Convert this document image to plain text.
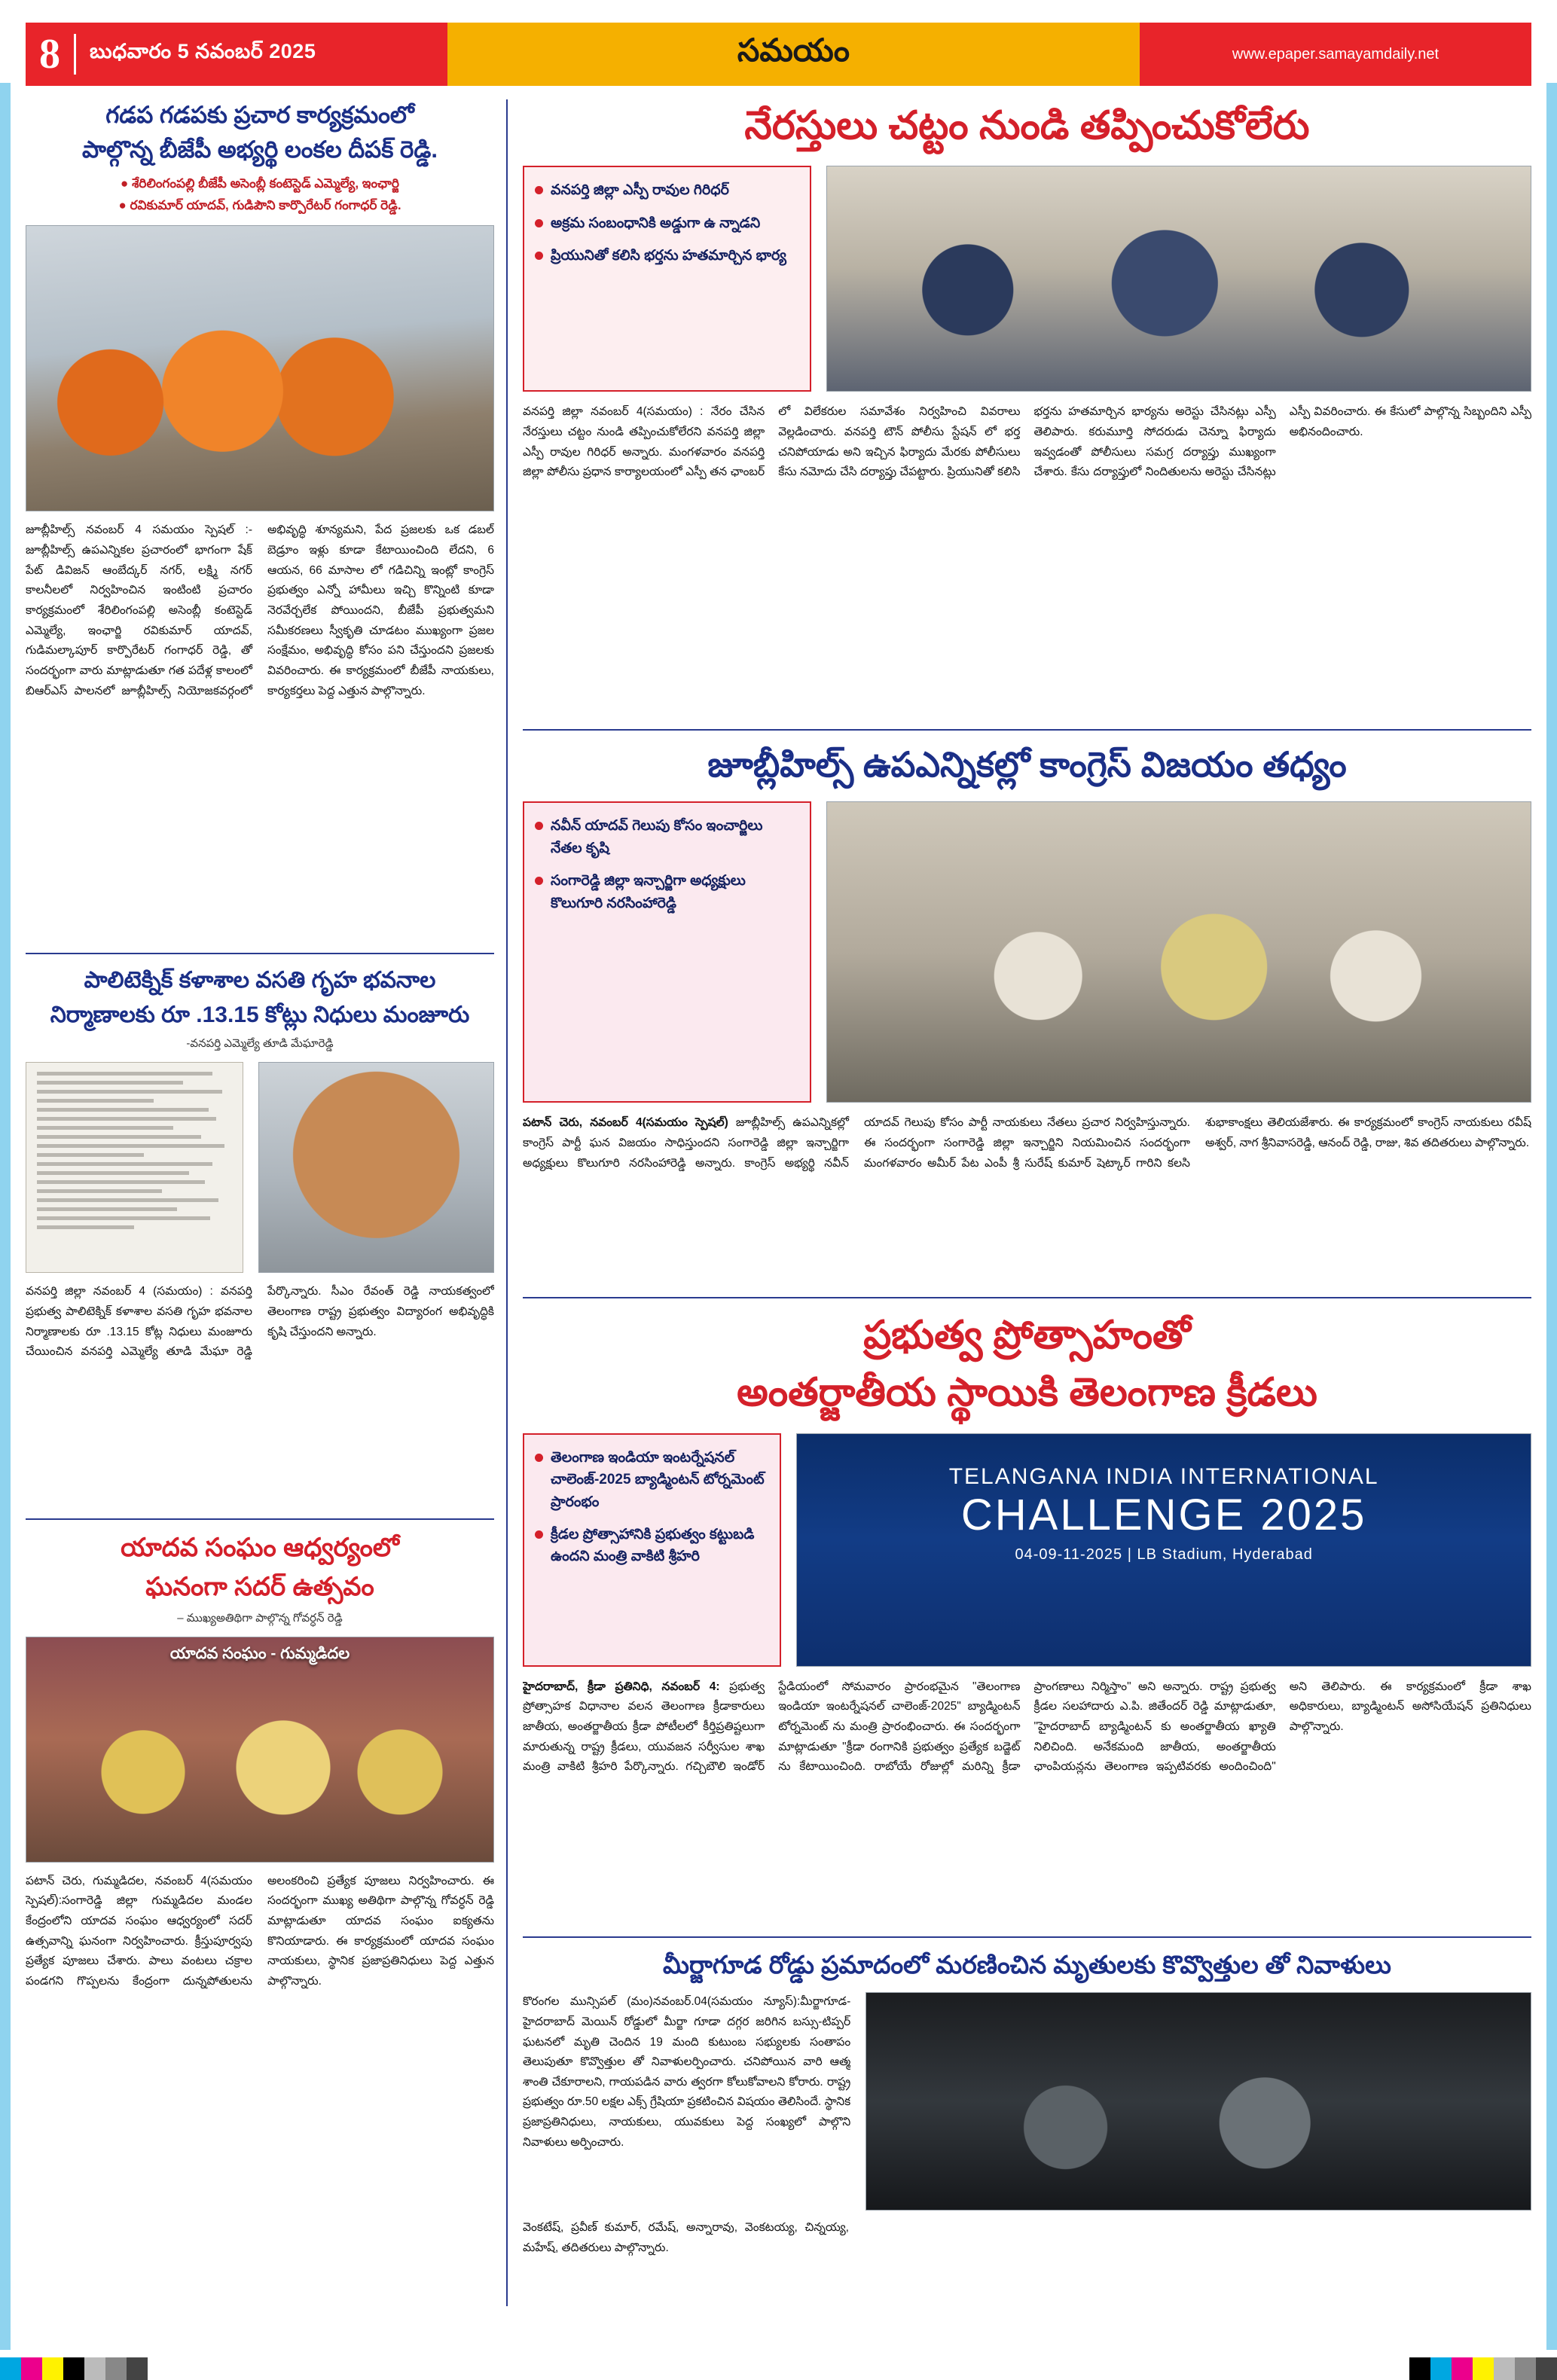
8	బుధవారం 5 నవంబర్ 2025	సమయం	www.epaper.samayamdaily.net
గడప గడపకు ప్రచార కార్యక్రమంలో
పాల్గొన్న బీజేపీ అభ్యర్థి లంకల దీపక్ రెడ్డి.
● శేరిలింగంపల్లి బీజేపీ అసెంబ్లీ కంటెస్టెడ్ ఎమ్మెల్యే, ఇంఛార్జి
● రవికుమార్ యాదవ్, గుడిపౌని కార్పొరేటర్ గంగాధర్ రెడ్డి.
జూబ్లీహిల్స్ నవంబర్ 4 సమయం స్పెషల్ :- జూబ్లీహిల్స్ ఉపఎన్నికల ప్రచారంలో భాగంగా షేక్ పేట్ డివిజన్ ఆంబేద్కర్ నగర్, లక్ష్మి నగర్ కాలనీలలో నిర్వహించిన ఇంటింటి ప్రచారం కార్యక్రమంలో శేరిలింగంపల్లి అసెంబ్లీ కంటెస్టెడ్ ఎమ్మెల్యే, ఇంఛార్జి రవికుమార్ యాదవ్, గుడిమల్కాపూర్ కార్పొరేటర్ గంగాధర్ రెడ్డి, తో సందర్భంగా వారు మాట్లాడుతూ గత పదేళ్ల కాలంలో బిఆర్ఎస్ పాలనలో జూబ్లీహిల్స్ నియోజకవర్గంలో అభివృద్ధి శూన్యమని, పేద ప్రజలకు ఒక డబల్ బెడ్రూం ఇళ్లు కూడా కేటాయించింది లేదని, 6 ఆయన, 66 మాసాల లో గడిచిన్ని ఇంట్లో కాంగ్రెస్ ప్రభుత్వం ఎన్నో హామీలు ఇచ్చి కొన్నింటి కూడా నెరవేర్చలేక పోయిందని, బీజేపీ ప్రభుత్వమని సమీకరణలు స్వీకృతి చూడటం ముఖ్యంగా ప్రజల సంక్షేమం, అభివృద్ధి కోసం పని చేస్తుందని ప్రజలకు వివరించారు. ఈ కార్యక్రమంలో బీజేపీ నాయకులు, కార్యకర్తలు పెద్ద ఎత్తున పాల్గొన్నారు.
పాలిటెక్నిక్ కళాశాల వసతి గృహ భవనాల
నిర్మాణాలకు రూ .13.15 కోట్లు నిధులు మంజూరు
-వనపర్తి ఎమ్మెల్యే తూడి మేఘారెడ్డి
వనపర్తి జిల్లా నవంబర్ 4 (సమయం) : వనపర్తి ప్రభుత్వ పాలిటెక్నిక్ కళాశాల వసతి గృహ భవనాల నిర్మాణాలకు రూ .13.15 కోట్ల నిధులు మంజూరు చేయించిన వనపర్తి ఎమ్మెల్యే తూడి మేఘా రెడ్డి పేర్కొన్నారు. సీఎం రేవంత్ రెడ్డి నాయకత్వంలో తెలంగాణ రాష్ట్ర ప్రభుత్వం విద్యారంగ అభివృద్ధికి కృషి చేస్తుందని అన్నారు.
యాదవ సంఘం ఆధ్వర్యంలో
ఘనంగా సదర్ ఉత్సవం
– ముఖ్యఅతిథిగా పాల్గొన్న గోవర్ధన్ రెడ్డి
యాదవ సంఘం - గుమ్మడిదల
పటాన్ చెరు, గుమ్మడిదల, నవంబర్ 4(సమయం స్పెషల్):సంగారెడ్డి జిల్లా గుమ్మడిదల మండల కేంద్రంలోని యాదవ సంఘం ఆధ్వర్యంలో సదర్ ఉత్సవాన్ని ఘనంగా నిర్వహించారు. క్రీస్తుపూర్వపు ప్రత్యేక పూజలు చేశారు. పాలు వంటలు చక్రాల పండగని గొప్పలను కేంద్రంగా దున్నపోతులను అలంకరించి ప్రత్యేక పూజలు నిర్వహించారు. ఈ సందర్భంగా ముఖ్య అతిథిగా పాల్గొన్న గోవర్ధన్ రెడ్డి మాట్లాడుతూ యాదవ సంఘం ఐక్యతను కొనియాడారు. ఈ కార్యక్రమంలో యాదవ సంఘం నాయకులు, స్థానిక ప్రజాప్రతినిధులు పెద్ద ఎత్తున పాల్గొన్నారు.
నేరస్తులు చట్టం నుండి తప్పించుకోలేరు
వనపర్తి జిల్లా ఎస్పీ రావుల గిరిధర్
అక్రమ సంబంధానికి అడ్డుగా ఉ న్నాడని
ప్రియునితో కలిసి భర్తను హతమార్చిన భార్య
వనపర్తి జిల్లా నవంబర్ 4(సమయం) : నేరం చేసిన నేరస్తులు చట్టం నుండి తప్పించుకోలేరని వనపర్తి జిల్లా ఎస్పీ రావుల గిరిధర్ అన్నారు. మంగళవారం వనపర్తి జిల్లా పోలీసు ప్రధాన కార్యాలయంలో ఎస్పీ తన ఛాంబర్ లో విలేకరుల సమావేశం నిర్వహించి వివరాలు వెల్లడించారు. వనపర్తి టౌన్ పోలీసు స్టేషన్ లో భర్త చనిపోయాడు అని ఇచ్చిన ఫిర్యాదు మేరకు పోలీసులు కేసు నమోదు చేసి దర్యాప్తు చేపట్టారు. ప్రియునితో కలిసి భర్తను హతమార్చిన భార్యను అరెస్టు చేసినట్లు ఎస్పీ తెలిపారు. కరుమూర్తి సోదరుడు చెన్నూ ఫిర్యాదు ఇవ్వడంతో పోలీసులు సమగ్ర దర్యాప్తు ముఖ్యంగా చేశారు. కేసు దర్యాప్తులో నిందితులను అరెస్టు చేసినట్లు ఎస్పీ వివరించారు. ఈ కేసులో పాల్గొన్న సిబ్బందిని ఎస్పీ అభినందించారు.
జూబ్లీహిల్స్ ఉపఎన్నికల్లో కాంగ్రెస్ విజయం తధ్యం
నవీన్ యాదవ్ గెలుపు కోసం ఇంచార్జిలు నేతల కృషి
సంగారెడ్డి జిల్లా ఇన్చార్జిగా అధ్యక్షులు కొలుగూరి నరసింహారెడ్డి
పటాన్ చెరు, నవంబర్ 4(సమయం స్పెషల్) జూబ్లీహిల్స్ ఉపఎన్నికల్లో కాంగ్రెస్ పార్టీ ఘన విజయం సాధిస్తుందని సంగారెడ్డి జిల్లా ఇన్చార్జిగా అధ్యక్షులు కొలుగూరి నరసింహారెడ్డి అన్నారు. కాంగ్రెస్ అభ్యర్థి నవీన్ యాదవ్ గెలుపు కోసం పార్టీ నాయకులు నేతలు ప్రచార నిర్వహిస్తున్నారు. ఈ సందర్భంగా సంగారెడ్డి జిల్లా ఇన్చార్జిని నియమించిన సందర్భంగా మంగళవారం అమీర్ పేట ఎంపీ శ్రీ సురేష్ కుమార్ షెట్కార్ గారిని కలసి శుభాకాంక్షలు తెలియజేశారు. ఈ కార్యక్రమంలో కాంగ్రెస్ నాయకులు రవీష్ అశ్వర్, నాగ శ్రీనివాసరెడ్డి, ఆనంద్ రెడ్డి, రాజు, శివ తదితరులు పాల్గొన్నారు.
ప్రభుత్వ ప్రోత్సాహంతో
అంతర్జాతీయ స్థాయికి తెలంగాణ క్రీడలు
తెలంగాణ ఇండియా ఇంటర్నేషనల్ చాలెంజ్-2025 బ్యాడ్మింటన్ టోర్నమెంట్ ప్రారంభం
క్రీడల ప్రోత్సాహానికి ప్రభుత్వం కట్టుబడి ఉందని మంత్రి వాకిటి శ్రీహరి
TELANGANA INDIA INTERNATIONAL
CHALLENGE 2025
04-09-11-2025 | LB Stadium, Hyderabad
హైదరాబాద్, క్రీడా ప్రతినిధి, నవంబర్ 4: ప్రభుత్వ ప్రోత్సాహక విధానాల వలన తెలంగాణ క్రీడాకారులు జాతీయ, అంతర్జాతీయ క్రీడా పోటీలలో కీర్తిప్రతిష్టలుగా మారుతున్న రాష్ట్ర క్రీడలు, యువజన సర్వీసుల శాఖ మంత్రి వాకిటి శ్రీహరి పేర్కొన్నారు. గచ్చిబౌలి ఇండోర్ స్టేడియంలో సోమవారం ప్రారంభమైన "తెలంగాణ ఇండియా ఇంటర్నేషనల్ చాలెంజ్-2025" బ్యాడ్మింటన్ టోర్నమెంట్ ను మంత్రి ప్రారంభించారు. ఈ సందర్భంగా మాట్లాడుతూ "క్రీడా రంగానికి ప్రభుత్వం ప్రత్యేక బడ్జెట్ ను కేటాయించింది. రాబోయే రోజుల్లో మరిన్ని క్రీడా ప్రాంగణాలు నిర్మిస్తాం" అని అన్నారు. రాష్ట్ర ప్రభుత్వ క్రీడల సలహాదారు ఎ.పి. జితేందర్ రెడ్డి మాట్లాడుతూ, "హైదరాబాద్ బ్యాడ్మింటన్ కు అంతర్జాతీయ ఖ్యాతి నిలిచింది. అనేకమంది జాతీయ, అంతర్జాతీయ ఛాంపియన్లను తెలంగాణ ఇప్పటివరకు అందించింది" అని తెలిపారు. ఈ కార్యక్రమంలో క్రీడా శాఖ అధికారులు, బ్యాడ్మింటన్ అసోసియేషన్ ప్రతినిధులు పాల్గొన్నారు.
మీర్జాగూడ రోడ్డు ప్రమాదంలో మరణించిన మృతులకు కొవ్వొత్తుల తో నివాళులు
కొరంగల మున్సిపల్ (మం)నవంబర్.04(సమయం న్యూస్):మీర్జాగూడ-హైదరాబాద్ మెయిన్ రోడ్డులో మీర్జా గూడా దగ్గర జరిగిన బస్సు-టిప్పర్ ఘటనలో మృతి చెందిన 19 మంది కుటుంబ సభ్యులకు సంతాపం తెలుపుతూ కొవ్వొత్తుల తో నివాళులర్పించారు. చనిపోయిన వారి ఆత్మ శాంతి చేకూరాలని, గాయపడిన వారు త్వరగా కోలుకోవాలని కోరారు. రాష్ట్ర ప్రభుత్వం రూ.50 లక్షల ఎక్స్ గ్రేషియా ప్రకటించిన విషయం తెలిసిందే. స్థానిక ప్రజాప్రతినిధులు, నాయకులు, యువకులు పెద్ద సంఖ్యలో పాల్గొని నివాళులు అర్పించారు.
వెంకటేష్, ప్రవీణ్ కుమార్, రమేష్, అన్నారావు, వెంకటయ్య, చిన్నయ్య, మహేష్, తదితరులు పాల్గొన్నారు.
